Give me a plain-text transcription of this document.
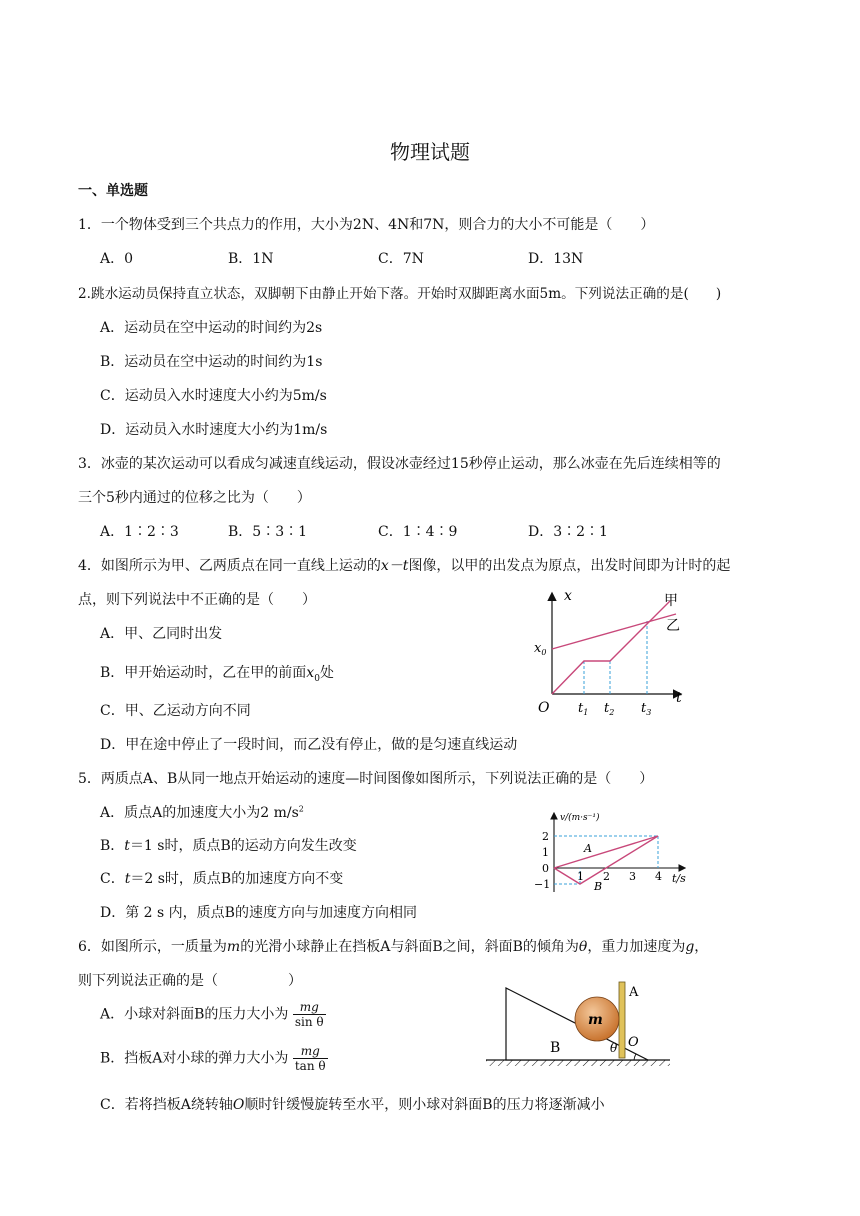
物理试题
一、单选题
1．一个物体受到三个共点力的作用，大小为2N、4N和7N，则合力的大小不可能是（　　）
A．0	B．1N	C．7N	D．13N
2.跳水运动员保持直立状态，双脚朝下由静止开始下落。开始时双脚距离水面5m。下列说法正确的是(　　)
A．运动员在空中运动的时间约为2s
B．运动员在空中运动的时间约为1s
C．运动员入水时速度大小约为5m/s
D．运动员入水时速度大小约为1m/s
3．冰壶的某次运动可以看成匀减速直线运动，假设冰壶经过15秒停止运动，那么冰壶在先后连续相等的
三个5秒内通过的位移之比为（　　）
A．1∶2∶3	B．5∶3∶1	C．1∶4∶9	D．3∶2∶1
4．如图所示为甲、乙两质点在同一直线上运动的x－t图像，以甲的出发点为原点，出发时间即为计时的起
点，则下列说法中不正确的是（　　）
A．甲、乙同时出发
B．甲开始运动时，乙在甲的前面$x_0$处
C．甲、乙运动方向不同
D．甲在途中停止了一段时间，而乙没有停止，做的是匀速直线运动
x
t
O
$x_0$
$t_1$ $t_2$ $t_3$
甲
乙
5．两质点A、B从同一地点开始运动的速度—时间图像如图所示，下列说法正确的是（　　）
A．质点A的加速度大小为2 $m/s^2$
B．t＝1 s时，质点B的运动方向发生改变
C．t＝2 s时，质点B的加速度方向不变
D．第 2 s 内，质点B的速度方向与加速度方向相同
v/(m·s⁻¹)
t/s
2
1
0
−1
1 2 3 4
A
B
6．如图所示，一质量为m的光滑小球静止在挡板A与斜面B之间，斜面B的倾角为θ，重力加速度为g，
则下列说法正确的是（　　　　　）
A．小球对斜面B的压力大小为 $\frac{mg}{\text{sin θ}}$
B．挡板A对小球的弹力大小为 $\frac{mg}{\text{tan θ}}$
C．若将挡板A绕转轴O顺时针缓慢旋转至水平，则小球对斜面B的压力将逐渐减小
A
B
m
O
θ
